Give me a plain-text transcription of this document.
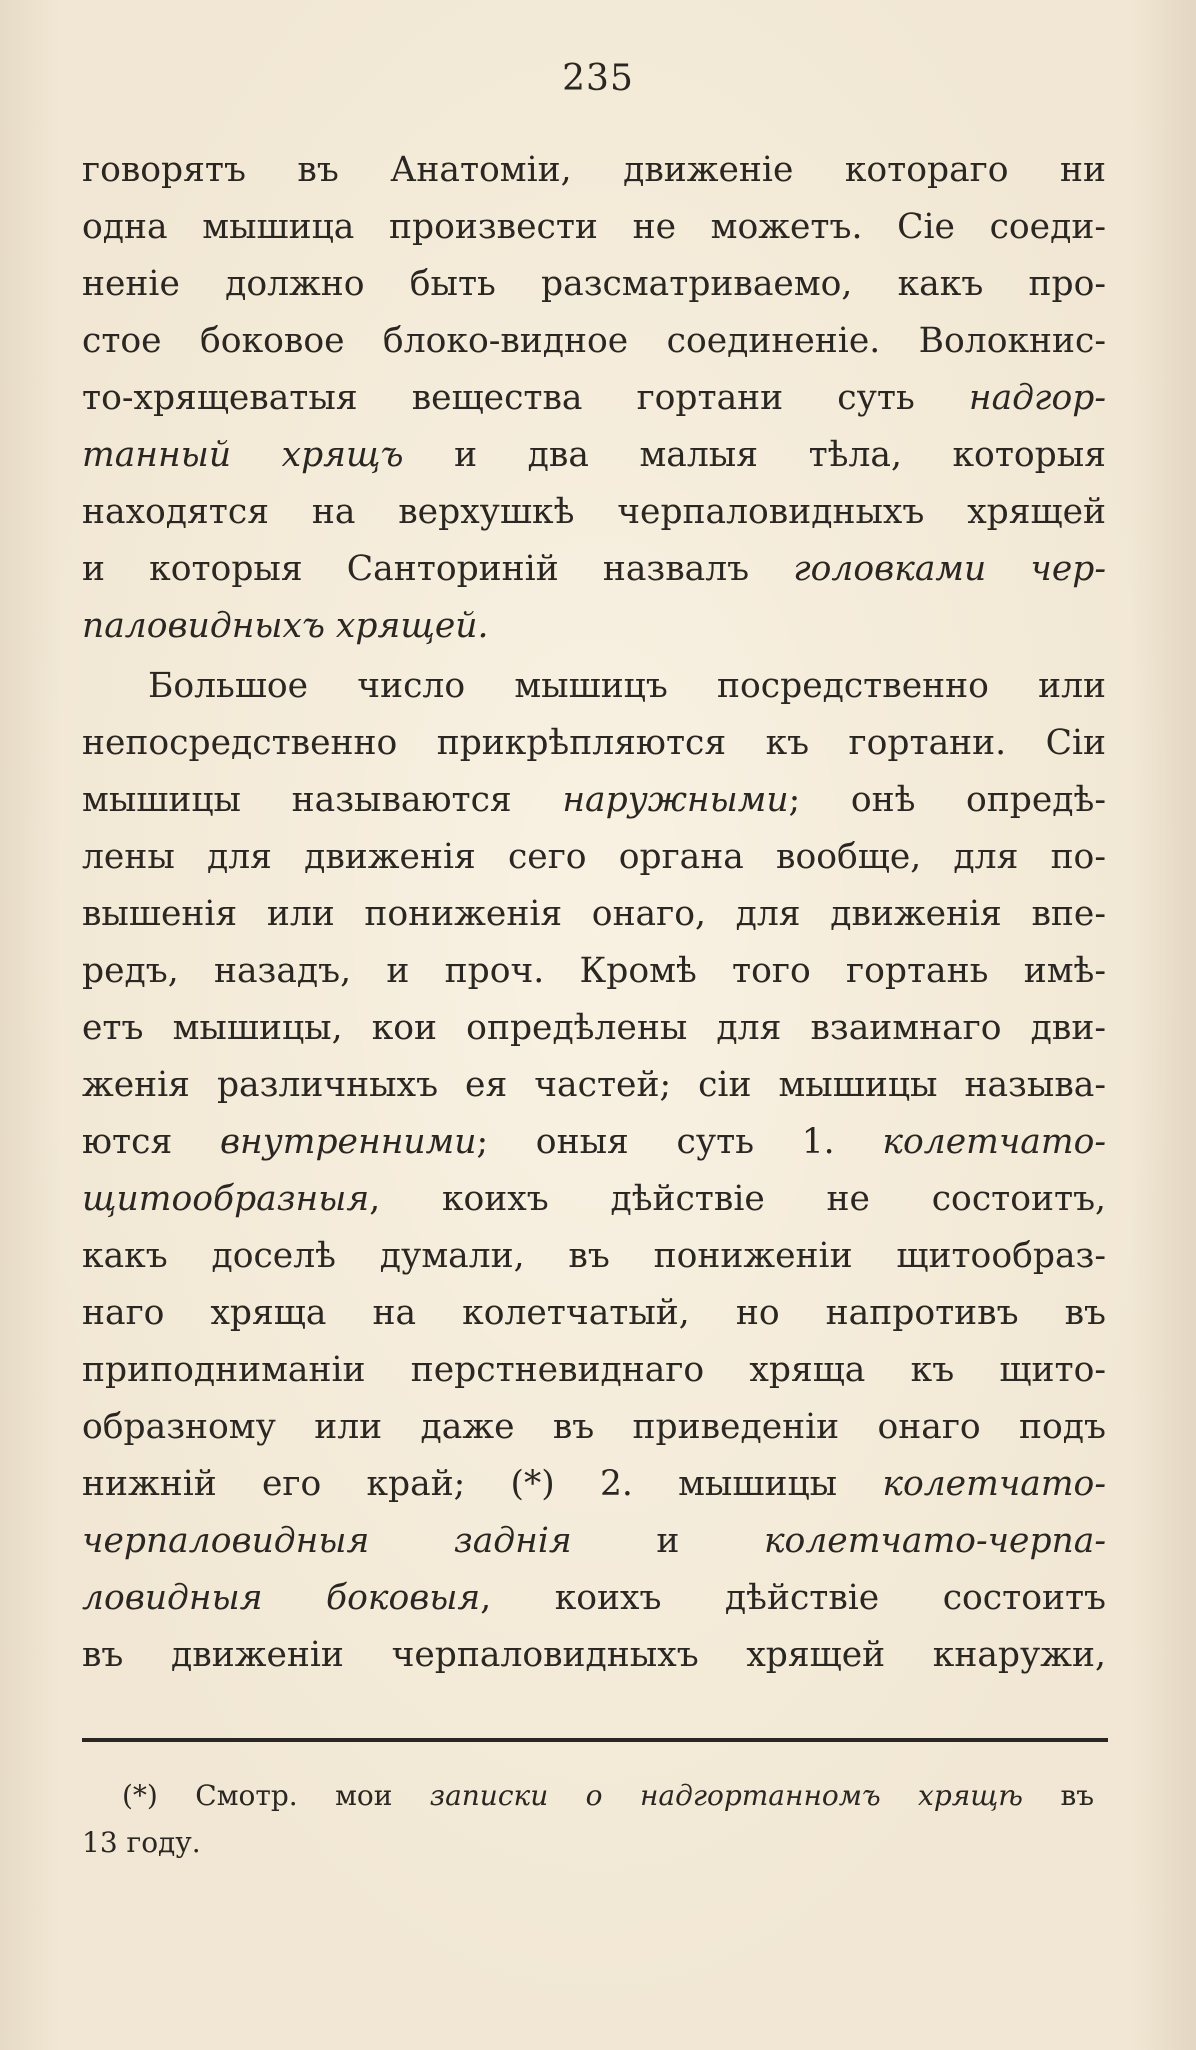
235
говорятъ въ Анатоміи, движеніе котораго ни
одна мышица произвести не можетъ. Сіе соеди-
неніе должно быть разсматриваемо, какъ про-
стое боковое блоко-видное соединеніе. Волокнис-
то-хрящеватыя вещества гортани суть надгор-
танный хрящъ и два малыя тѣла, которыя
находятся на верхушкѣ черпаловидныхъ хрящей
и которыя Санториній назвалъ головками чер-
паловидныхъ хрящей.
Большое число мышицъ посредственно или
непосредственно прикрѣпляются къ гортани. Сіи
мышицы называются наружными; онѣ опредѣ-
лены для движенія сего органа вообще, для по-
вышенія или пониженія онаго, для движенія впе-
редъ, назадъ, и проч. Кромѣ того гортань имѣ-
етъ мышицы, кои опредѣлены для взаимнаго дви-
женія различныхъ ея частей; сіи мышицы называ-
ются внутренними; оныя суть 1. колетчато-
щитообразныя, коихъ дѣйствіе не состоитъ,
какъ доселѣ думали, въ пониженіи щитообраз-
наго хряща на колетчатый, но напротивъ въ
приподниманіи перстневиднаго хряща къ щито-
образному или даже въ приведеніи онаго подъ
нижній его край; (*) 2. мышицы колетчато-
черпаловидныя заднія и колетчато-черпа-
ловидныя боковыя, коихъ дѣйствіе состоитъ
въ движеніи черпаловидныхъ хрящей кнаружи,
(*) Смотр. мои записки о надгортанномъ хрящѣ въ
13 году.
